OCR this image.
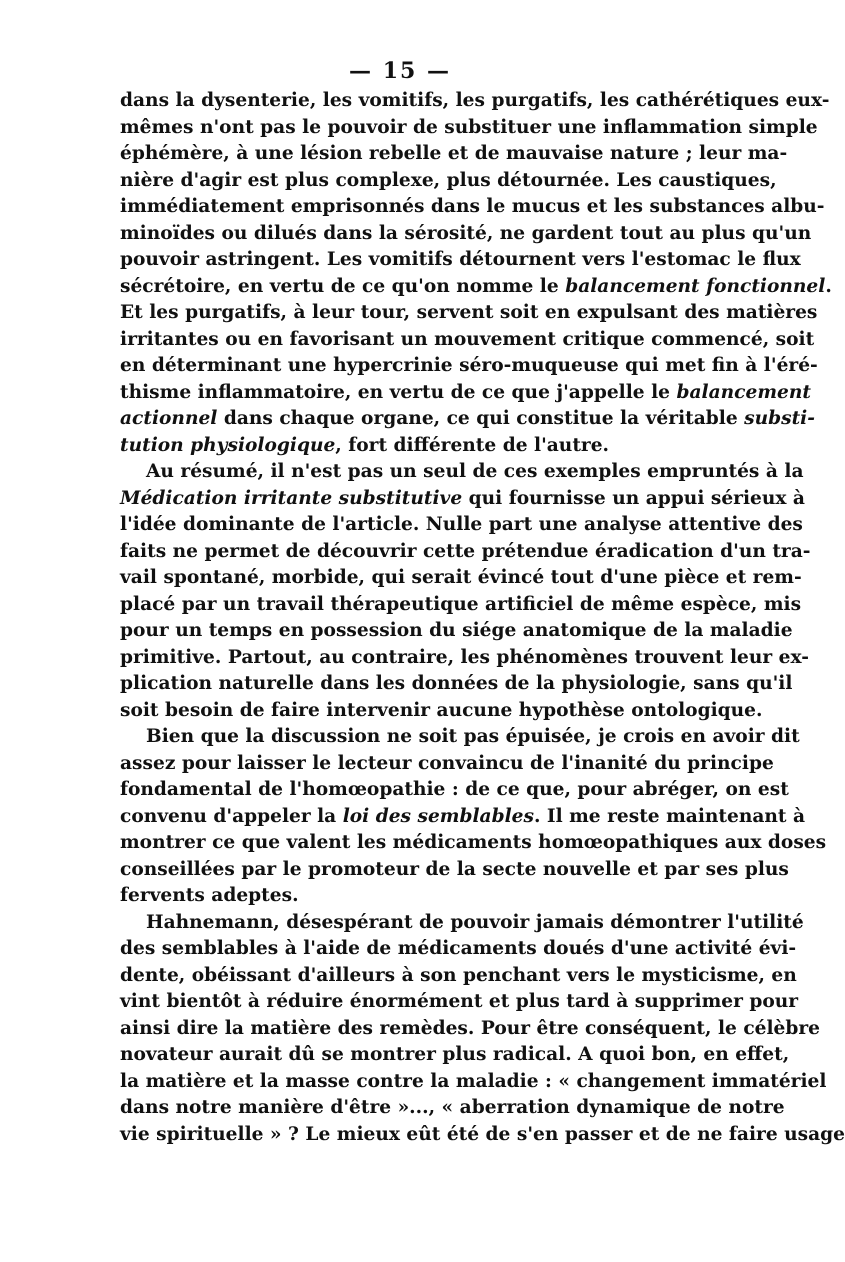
— 15 —
dans la dysenterie, les vomitifs, les purgatifs, les cathérétiques eux-
mêmes n'ont pas le pouvoir de substituer une inflammation simple
éphémère, à une lésion rebelle et de mauvaise nature ; leur ma-
nière d'agir est plus complexe, plus détournée. Les caustiques,
immédiatement emprisonnés dans le mucus et les substances albu-
minoïdes ou dilués dans la sérosité, ne gardent tout au plus qu'un
pouvoir astringent. Les vomitifs détournent vers l'estomac le flux
sécrétoire, en vertu de ce qu'on nomme le balancement fonctionnel.
Et les purgatifs, à leur tour, servent soit en expulsant des matières
irritantes ou en favorisant un mouvement critique commencé, soit
en déterminant une hypercrinie séro-muqueuse qui met fin à l'éré-
thisme inflammatoire, en vertu de ce que j'appelle le balancement
actionnel dans chaque organe, ce qui constitue la véritable substi-
tution physiologique, fort différente de l'autre.
Au résumé, il n'est pas un seul de ces exemples empruntés à la
Médication irritante substitutive qui fournisse un appui sérieux à
l'idée dominante de l'article. Nulle part une analyse attentive des
faits ne permet de découvrir cette prétendue éradication d'un tra-
vail spontané, morbide, qui serait évincé tout d'une pièce et rem-
placé par un travail thérapeutique artificiel de même espèce, mis
pour un temps en possession du siége anatomique de la maladie
primitive. Partout, au contraire, les phénomènes trouvent leur ex-
plication naturelle dans les données de la physiologie, sans qu'il
soit besoin de faire intervenir aucune hypothèse ontologique.
Bien que la discussion ne soit pas épuisée, je crois en avoir dit
assez pour laisser le lecteur convaincu de l'inanité du principe
fondamental de l'homœopathie : de ce que, pour abréger, on est
convenu d'appeler la loi des semblables. Il me reste maintenant à
montrer ce que valent les médicaments homœopathiques aux doses
conseillées par le promoteur de la secte nouvelle et par ses plus
fervents adeptes.
Hahnemann, désespérant de pouvoir jamais démontrer l'utilité
des semblables à l'aide de médicaments doués d'une activité évi-
dente, obéissant d'ailleurs à son penchant vers le mysticisme, en
vint bientôt à réduire énormément et plus tard à supprimer pour
ainsi dire la matière des remèdes. Pour être conséquent, le célèbre
novateur aurait dû se montrer plus radical. A quoi bon, en effet,
la matière et la masse contre la maladie : « changement immatériel
dans notre manière d'être »..., « aberration dynamique de notre
vie spirituelle » ? Le mieux eût été de s'en passer et de ne faire usage
